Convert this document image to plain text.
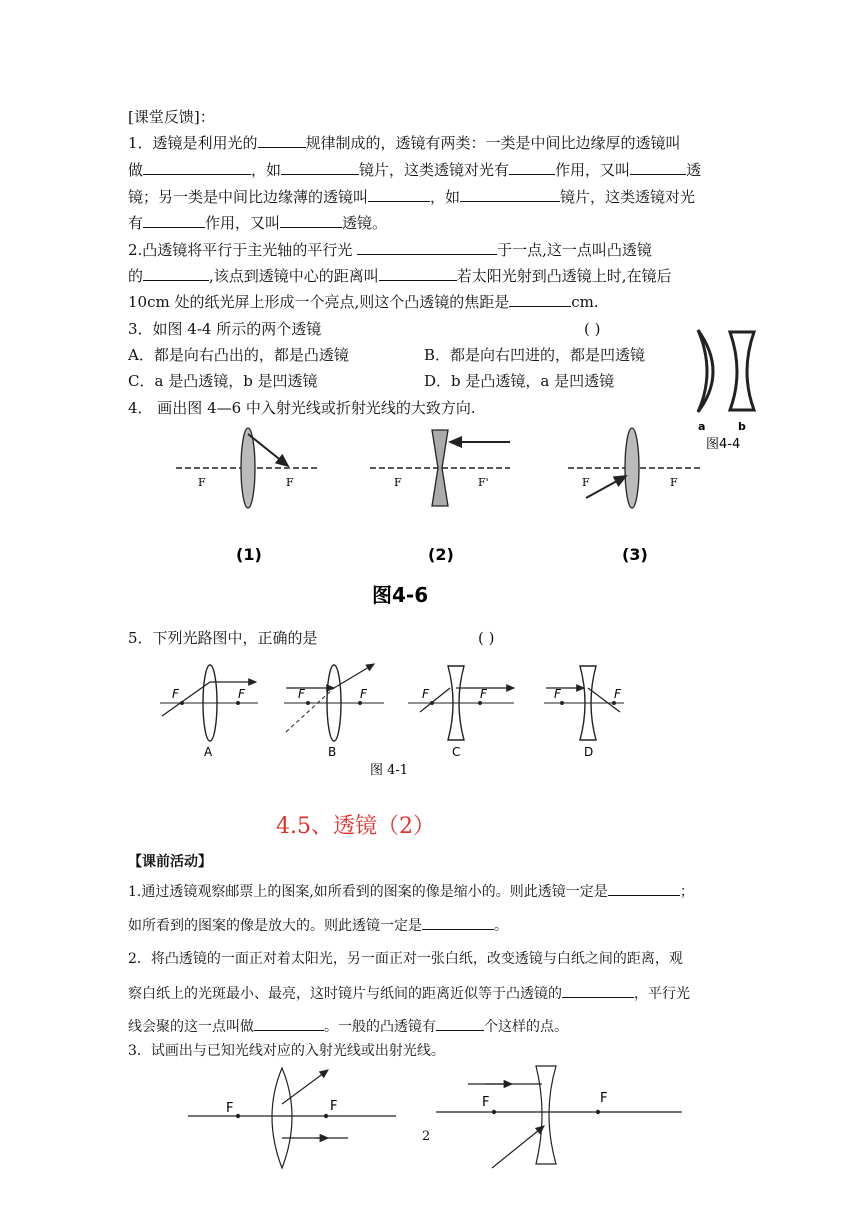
[课堂反馈]：
1．透镜是利用光的	规律制成的，透镜有两类：一类是中间比边缘厚的透镜叫
做	，如	镜片，这类透镜对光有	作用，又叫	透
镜；另一类是中间比边缘薄的透镜叫	，如	镜片，这类透镜对光
有	作用，又叫	透镜。
2.凸透镜将平行于主光轴的平行光	于一点,这一点叫凸透镜
的	,该点到透镜中心的距离叫	若太阳光射到凸透镜上时,在镜后
10cm 处的纸光屏上形成一个亮点,则这个凸透镜的焦距是	cm.
3．如图 4-4 所示的两个透镜	( )
A．都是向右凸出的，都是凸透镜	B．都是向右凹进的，都是凹透镜
C．a 是凸透镜，b 是凹透镜	D．b 是凸透镜，a 是凹透镜
a	b
图4-4
4． 画出图 4—6 中入射光线或折射光线的大致方向.
F	F	F	F'	F	F
(1)	(2)	(3)
图4-6
5．下列光路图中，正确的是	( )
F	F
A
F	F
B
F	F
C
F	F
D
图 4-1
4.5、透镜（2）
【课前活动】
1.通过透镜观察邮票上的图案,如所看到的图案的像是缩小的。则此透镜一定是	；
如所看到的图案的像是放大的。则此透镜一定是	。
2．将凸透镜的一面正对着太阳光，另一面正对一张白纸，改变透镜与白纸之间的距离，观
察白纸上的光斑最小、最亮，这时镜片与纸间的距离近似等于凸透镜的	，平行光
线会聚的这一点叫做	。一般的凸透镜有	个这样的点。
3．试画出与已知光线对应的入射光线或出射光线。
F	F	F	F
2
